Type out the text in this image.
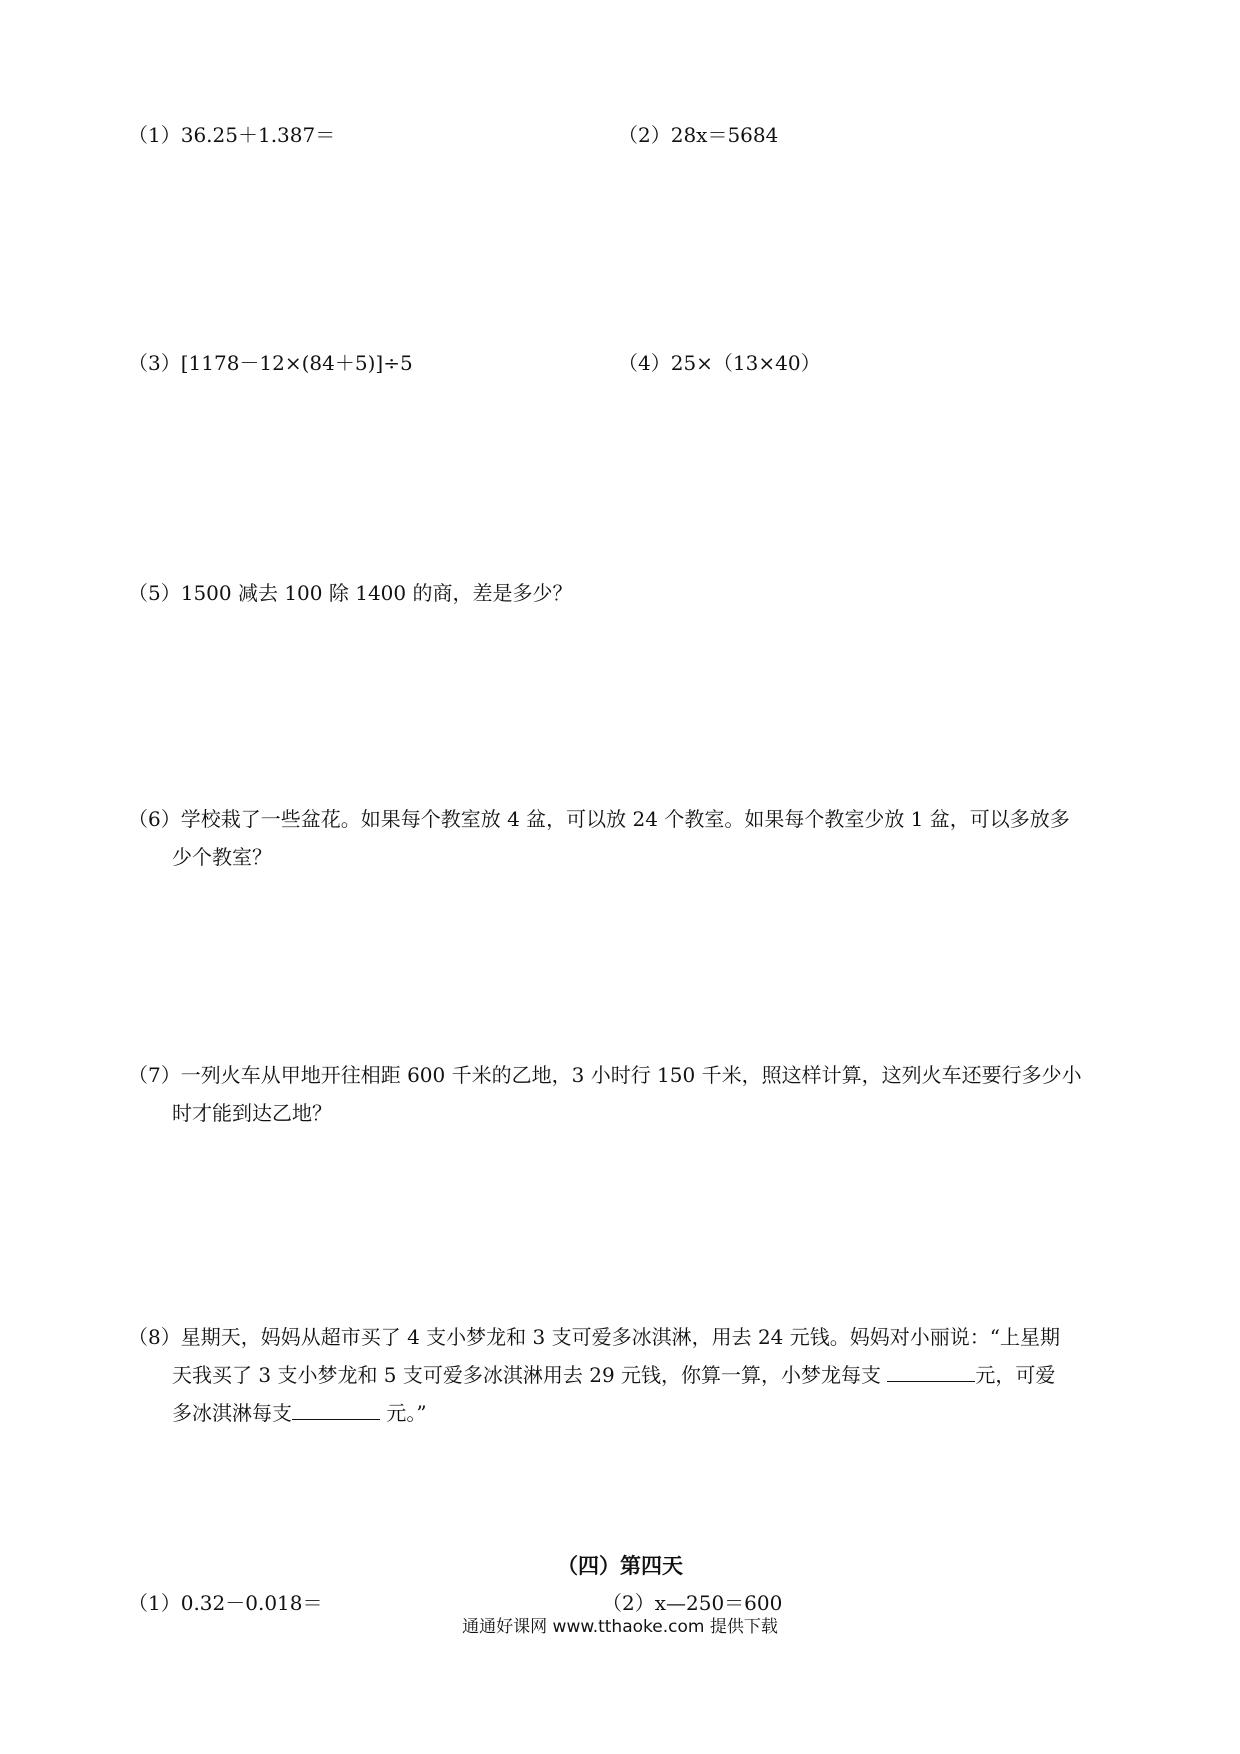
（1）36.25＋1.387＝	（2）28x＝5684
（3）[1178－12×(84＋5)]÷5	（4）25×（13×40）
（5）1500 减去 100 除 1400 的商，差是多少？
（6）学校栽了一些盆花。如果每个教室放 4 盆，可以放 24 个教室。如果每个教室少放 1 盆，可以多放多
少个教室？
（7）一列火车从甲地开往相距 600 千米的乙地，3 小时行 150 千米，照这样计算，这列火车还要行多少小
时才能到达乙地？
（8）星期天，妈妈从超市买了 4 支小梦龙和 3 支可爱多冰淇淋，用去 24 元钱。妈妈对小丽说：“上星期
天我买了 3 支小梦龙和 5 支可爱多冰淇淋用去 29 元钱，你算一算，小梦龙每支	元，可爱
多冰淇淋每支	元。”
（四）第四天
（1）0.32－0.018＝	（2）x—250＝600
通通好课网 www.tthaoke.com 提供下载
